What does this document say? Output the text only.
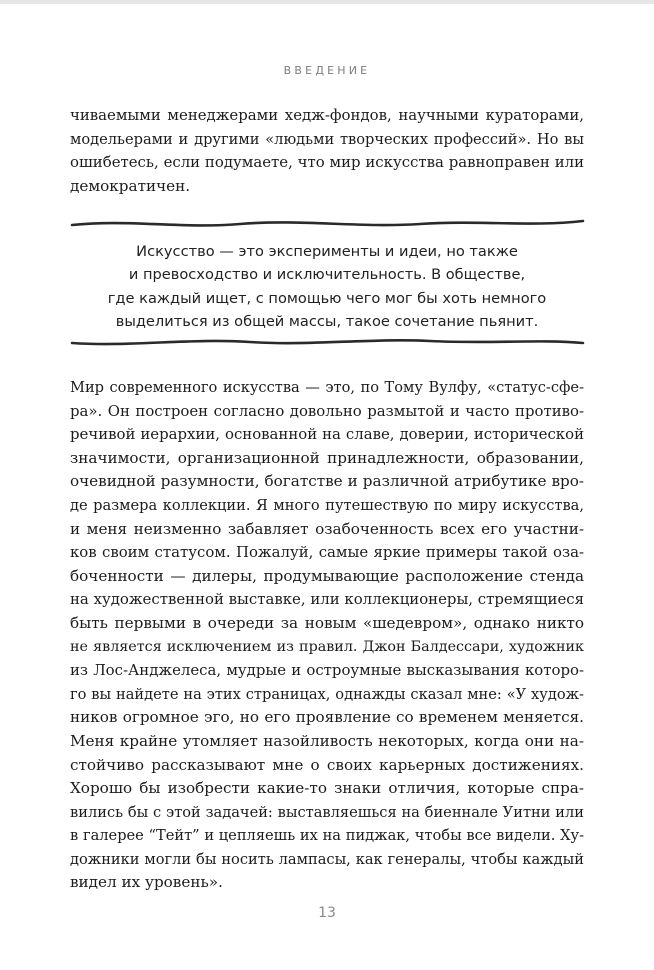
ВВЕДЕНИЕ
чиваемыми менеджерами хедж-фондов, научными кураторами,
модельерами и другими «людьми творческих профессий». Но вы
ошибетесь, если подумаете, что мир искусства равноправен или
демократичен.
Искусство — это эксперименты и идеи, но также
и превосходство и исключительность. В обществе,
где каждый ищет, с помощью чего мог бы хоть немного
выделиться из общей массы, такое сочетание пьянит.
Мир современного искусства — это, по Тому Вулфу, «статус-сфе-
ра». Он построен согласно довольно размытой и часто противо-
речивой иерархии, основанной на славе, доверии, исторической
значимости, организационной принадлежности, образовании,
очевидной разумности, богатстве и различной атрибутике вро-
де размера коллекции. Я много путешествую по миру искусства,
и меня неизменно забавляет озабоченность всех его участни-
ков своим статусом. Пожалуй, самые яркие примеры такой оза-
боченности — дилеры, продумывающие расположение стенда
на художественной выставке, или коллекционеры, стремящиеся
быть первыми в очереди за новым «шедевром», однако никто
не является исключением из правил. Джон Балдессари, художник
из Лос-Анджелеса, мудрые и остроумные высказывания которо-
го вы найдете на этих страницах, однажды сказал мне: «У худож-
ников огромное эго, но его проявление со временем меняется.
Меня крайне утомляет назойливость некоторых, когда они на-
стойчиво рассказывают мне о своих карьерных достижениях.
Хорошо бы изобрести какие-то знаки отличия, которые спра-
вились бы с этой задачей: выставляешься на биеннале Уитни или
в галерее “Тейт” и цепляешь их на пиджак, чтобы все видели. Ху-
дожники могли бы носить лампасы, как генералы, чтобы каждый
видел их уровень».
13
